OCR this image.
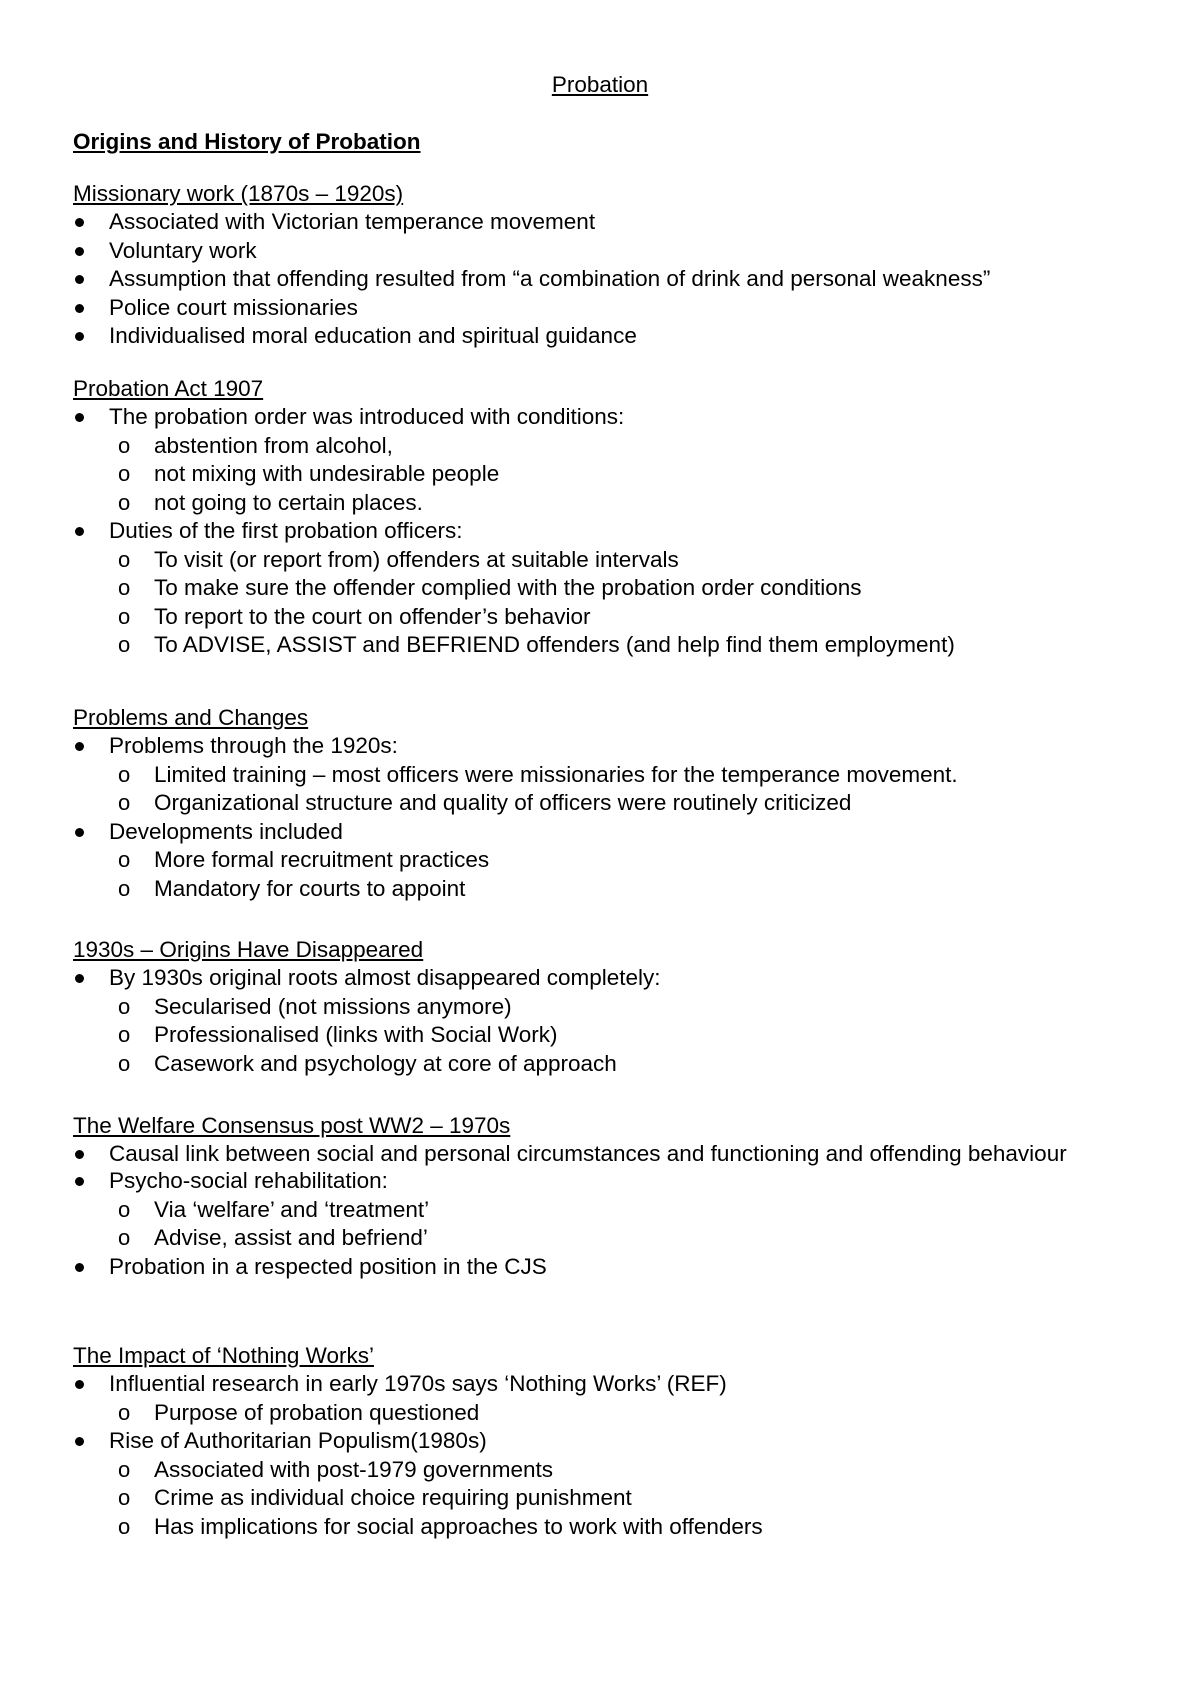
Probation
Origins and History of Probation
Missionary work (1870s – 1920s)
Associated with Victorian temperance movement
Voluntary work
Assumption that offending resulted from “a combination of drink and personal weakness”
Police court missionaries
Individualised moral education and spiritual guidance
Probation Act 1907
The probation order was introduced with conditions:
o abstention from alcohol,
o not mixing with undesirable people
o not going to certain places.
Duties of the first probation officers:
o To visit (or report from) offenders at suitable intervals
o To make sure the offender complied with the probation order conditions
o To report to the court on offender’s behavior
o To ADVISE, ASSIST and BEFRIEND offenders (and help find them employment)
Problems and Changes
Problems through the 1920s:
o Limited training – most officers were missionaries for the temperance movement.
o Organizational structure and quality of officers were routinely criticized
Developments included
o More formal recruitment practices
o Mandatory for courts to appoint
1930s – Origins Have Disappeared
By 1930s original roots almost disappeared completely:
o Secularised (not missions anymore)
o Professionalised (links with Social Work)
o Casework and psychology at core of approach
The Welfare Consensus post WW2 – 1970s
Causal link between social and personal circumstances and functioning and offending behaviour
Psycho-social rehabilitation:
o Via ‘welfare’ and ‘treatment’
o Advise, assist and befriend’
Probation in a respected position in the CJS
The Impact of ‘Nothing Works’
Influential research in early 1970s says ‘Nothing Works’ (REF)
o Purpose of probation questioned
Rise of Authoritarian Populism(1980s)
o Associated with post-1979 governments
o Crime as individual choice requiring punishment
o Has implications for social approaches to work with offenders
